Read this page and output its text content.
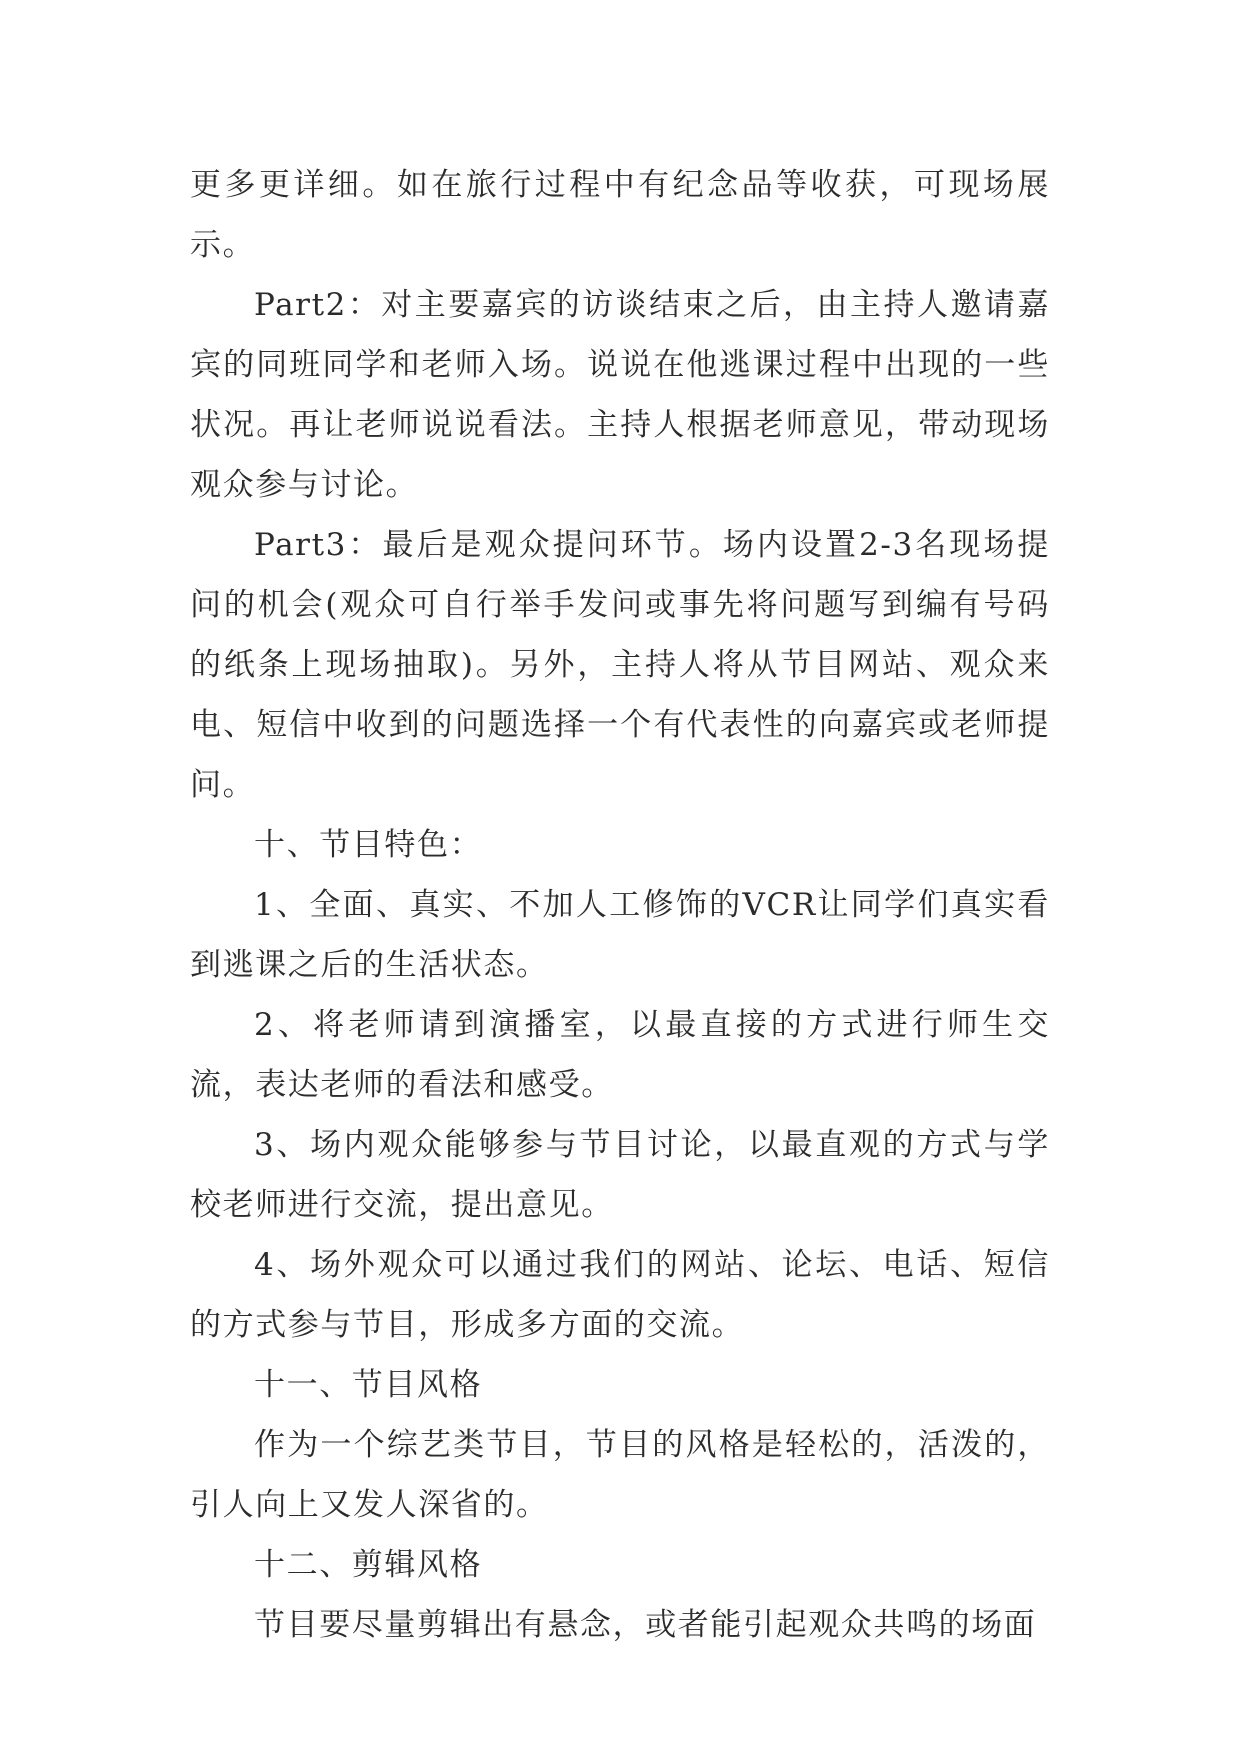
更多更详细。如在旅行过程中有纪念品等收获，可现场展示。

Part2：对主要嘉宾的访谈结束之后，由主持人邀请嘉宾的同班同学和老师入场。说说在他逃课过程中出现的一些状况。再让老师说说看法。主持人根据老师意见，带动现场观众参与讨论。

Part3：最后是观众提问环节。场内设置2-3名现场提问的机会(观众可自行举手发问或事先将问题写到编有号码的纸条上现场抽取)。另外，主持人将从节目网站、观众来电、短信中收到的问题选择一个有代表性的向嘉宾或老师提问。

十、节目特色：

1、全面、真实、不加人工修饰的VCR让同学们真实看到逃课之后的生活状态。

2、将老师请到演播室，以最直接的方式进行师生交流，表达老师的看法和感受。

3、场内观众能够参与节目讨论，以最直观的方式与学校老师进行交流，提出意见。

4、场外观众可以通过我们的网站、论坛、电话、短信的方式参与节目，形成多方面的交流。

十一、节目风格

作为一个综艺类节目，节目的风格是轻松的，活泼的，引人向上又发人深省的。

十二、剪辑风格

节目要尽量剪辑出有悬念，或者能引起观众共鸣的场面
